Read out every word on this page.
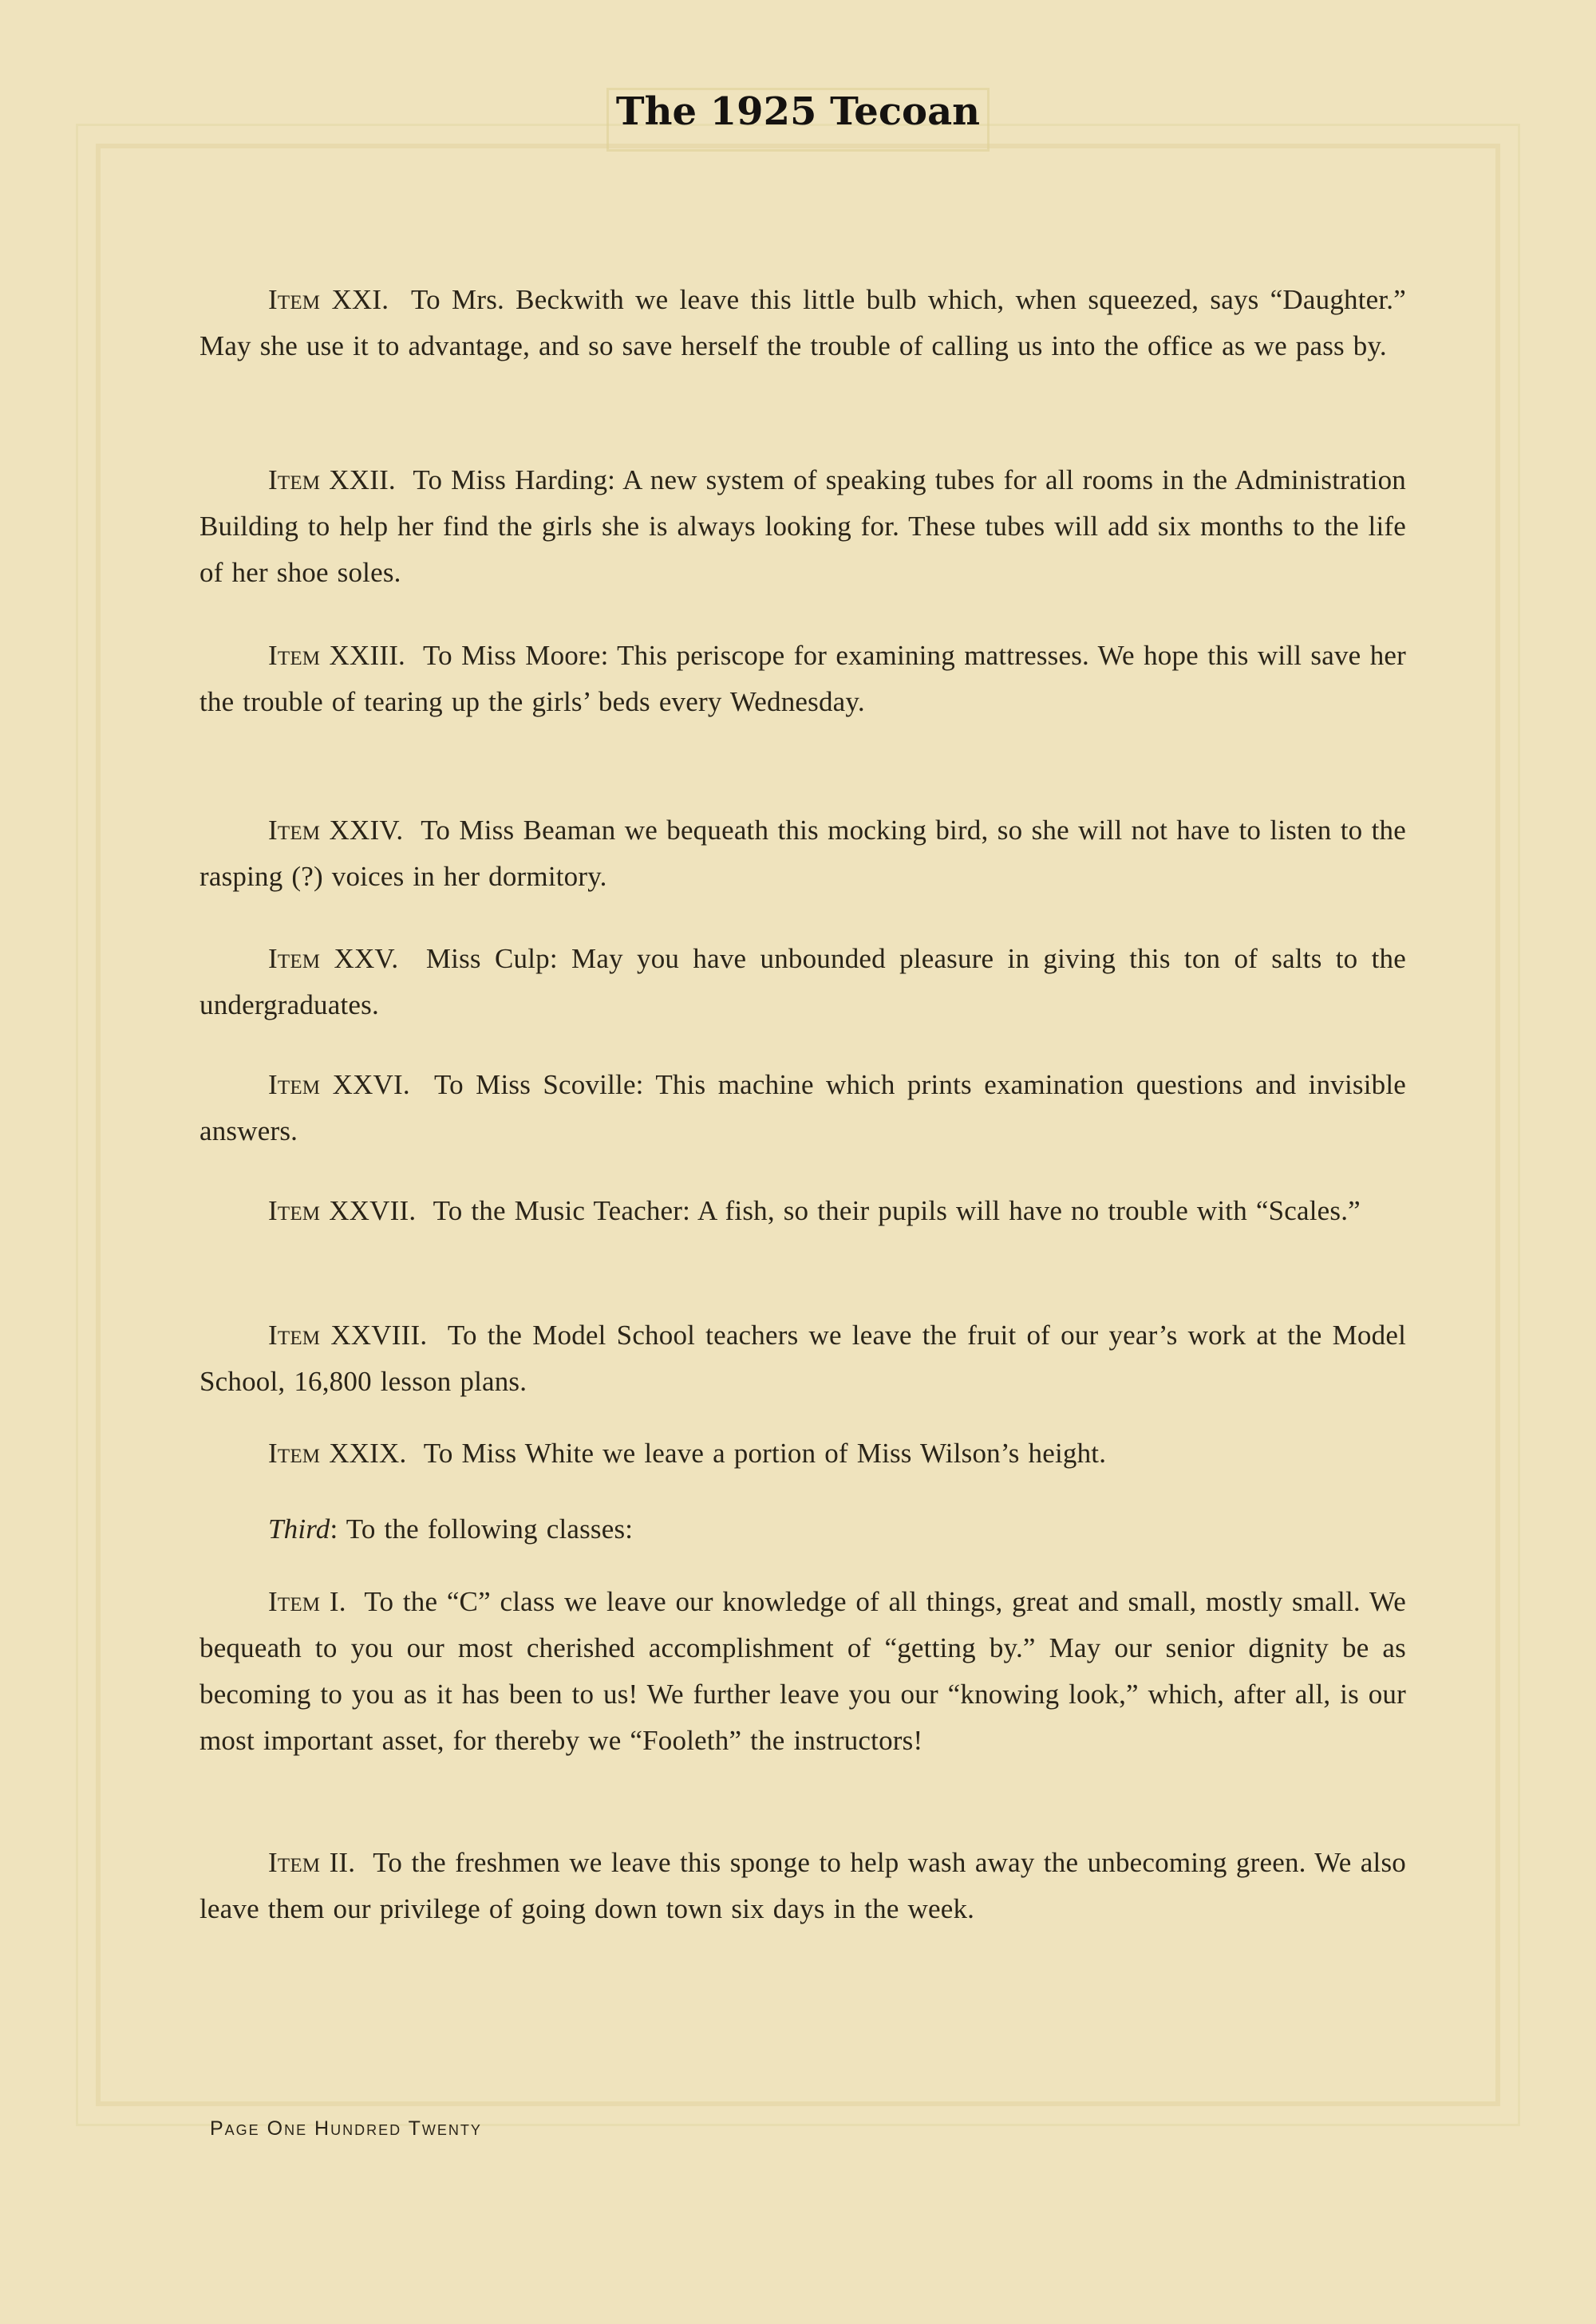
The 1925 Tecoan

Item XXI. To Mrs. Beckwith we leave this little bulb which, when squeezed, says “Daughter.” May she use it to advantage, and so save herself the trouble of calling us into the office as we pass by.

Item XXII. To Miss Harding: A new system of speaking tubes for all rooms in the Administration Building to help her find the girls she is always looking for. These tubes will add six months to the life of her shoe soles.

Item XXIII. To Miss Moore: This periscope for examining mattresses. We hope this will save her the trouble of tearing up the girls’ beds every Wednesday.

Item XXIV. To Miss Beaman we bequeath this mocking bird, so she will not have to listen to the rasping (?) voices in her dormitory.

Item XXV. Miss Culp: May you have unbounded pleasure in giving this ton of salts to the undergraduates.

Item XXVI. To Miss Scoville: This machine which prints examination questions and invisible answers.

Item XXVII. To the Music Teacher: A fish, so their pupils will have no trouble with “Scales.”

Item XXVIII. To the Model School teachers we leave the fruit of our year’s work at the Model School, 16,800 lesson plans.

Item XXIX. To Miss White we leave a portion of Miss Wilson’s height.

Third: To the following classes:

Item I. To the “C” class we leave our knowledge of all things, great and small, mostly small. We bequeath to you our most cherished accomplishment of “getting by.” May our senior dignity be as becoming to you as it has been to us! We further leave you our “knowing look,” which, after all, is our most important asset, for thereby we “Fooleth” the instructors!

Item II. To the freshmen we leave this sponge to help wash away the unbecoming green. We also leave them our privilege of going down town six days in the week.

Page One Hundred Twenty
